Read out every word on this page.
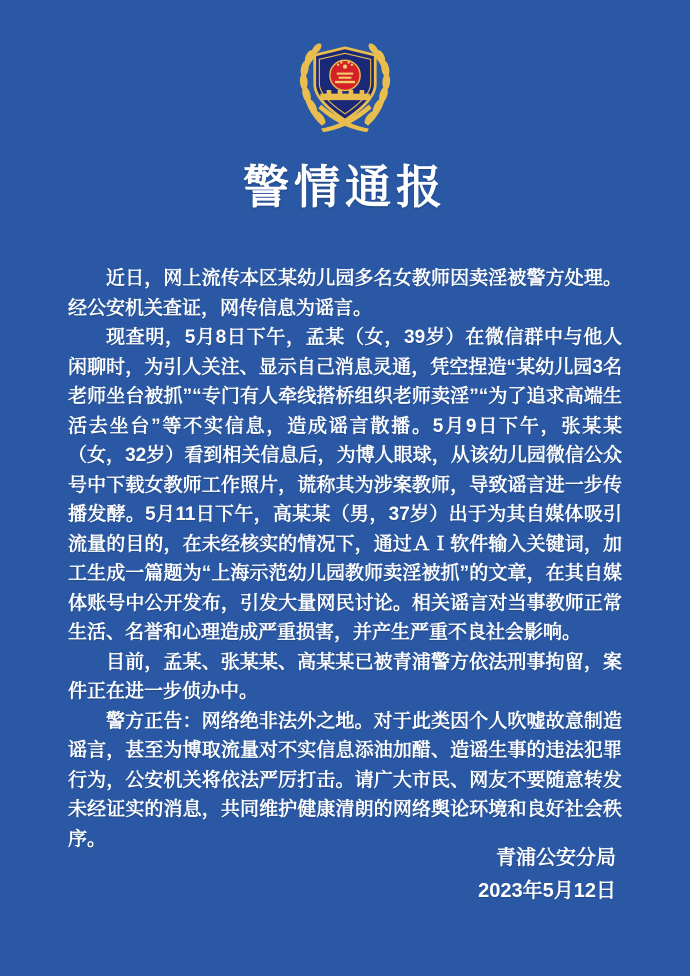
警情通报

近日，网上流传本区某幼儿园多名女教师因卖淫被警方处理。经公安机关查证，网传信息为谣言。

现查明，5月8日下午，孟某（女，39岁）在微信群中与他人闲聊时，为引人关注、显示自己消息灵通，凭空捏造“某幼儿园3名老师坐台被抓”“专门有人牵线搭桥组织老师卖淫”“为了追求高端生活去坐台”等不实信息，造成谣言散播。5月9日下午，张某某（女，32岁）看到相关信息后，为博人眼球，从该幼儿园微信公众号中下载女教师工作照片，谎称其为涉案教师，导致谣言进一步传播发酵。5月11日下午，高某某（男，37岁）出于为其自媒体吸引流量的目的，在未经核实的情况下，通过ＡＩ软件输入关键词，加工生成一篇题为“上海示范幼儿园教师卖淫被抓”的文章，在其自媒体账号中公开发布，引发大量网民讨论。相关谣言对当事教师正常生活、名誉和心理造成严重损害，并产生严重不良社会影响。

目前，孟某、张某某、高某某已被青浦警方依法刑事拘留，案件正在进一步侦办中。

警方正告：网络绝非法外之地。对于此类因个人吹嘘故意制造谣言，甚至为博取流量对不实信息添油加醋、造谣生事的违法犯罪行为，公安机关将依法严厉打击。请广大市民、网友不要随意转发未经证实的消息，共同维护健康清朗的网络舆论环境和良好社会秩序。

青浦公安分局
2023年5月12日
